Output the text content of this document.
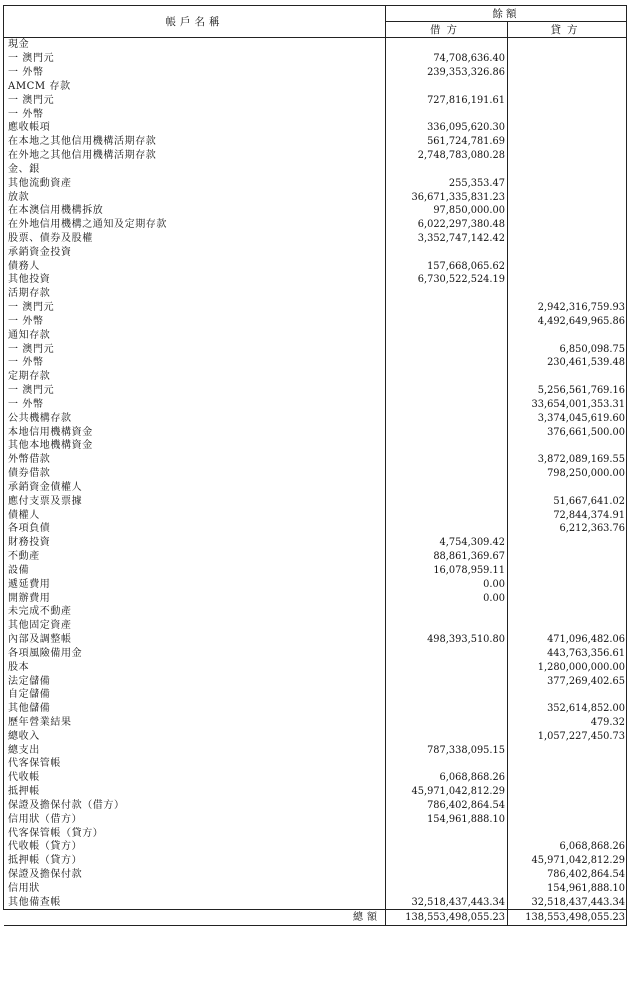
帳戶名稱	餘額	
	借方	貸方
現金		
一 澳門元	74,708,636.40	
一 外幣	239,353,326.86	
AMCM 存款		
一 澳門元	727,816,191.61	
一 外幣		
應收帳項	336,095,620.30	
在本地之其他信用機構活期存款	561,724,781.69	
在外地之其他信用機構活期存款	2,748,783,080.28	
金、銀		
其他流動資產	255,353.47	
放款	36,671,335,831.23	
在本澳信用機構拆放	97,850,000.00	
在外地信用機構之通知及定期存款	6,022,297,380.48	
股票、債券及股權	3,352,747,142.42	
承銷資金投資		
債務人	157,668,065.62	
其他投資	6,730,522,524.19	
活期存款		
一 澳門元		2,942,316,759.93
一 外幣		4,492,649,965.86
通知存款		
一 澳門元		6,850,098.75
一 外幣		230,461,539.48
定期存款		
一 澳門元		5,256,561,769.16
一 外幣		33,654,001,353.31
公共機構存款		3,374,045,619.60
本地信用機構資金		376,661,500.00
其他本地機構資金		
外幣借款		3,872,089,169.55
債券借款		798,250,000.00
承銷資金債權人		
應付支票及票據		51,667,641.02
債權人		72,844,374.91
各項負債		6,212,363.76
財務投資	4,754,309.42	
不動產	88,861,369.67	
設備	16,078,959.11	
遞延費用	0.00	
開辦費用	0.00	
未完成不動產		
其他固定資產		
內部及調整帳	498,393,510.80	471,096,482.06
各項風險備用金		443,763,356.61
股本		1,280,000,000.00
法定儲備		377,269,402.65
自定儲備		
其他儲備		352,614,852.00
歷年營業結果		479.32
總收入		1,057,227,450.73
總支出	787,338,095.15	
代客保管帳		
代收帳	6,068,868.26	
抵押帳	45,971,042,812.29	
保證及擔保付款（借方）	786,402,864.54	
信用狀（借方）	154,961,888.10	
代客保管帳（貸方）		
代收帳（貸方）		6,068,868.26
抵押帳（貸方）		45,971,042,812.29
保證及擔保付款		786,402,864.54
信用狀		154,961,888.10
其他備查帳	32,518,437,443.34	32,518,437,443.34
總額	138,553,498,055.23	138,553,498,055.23
